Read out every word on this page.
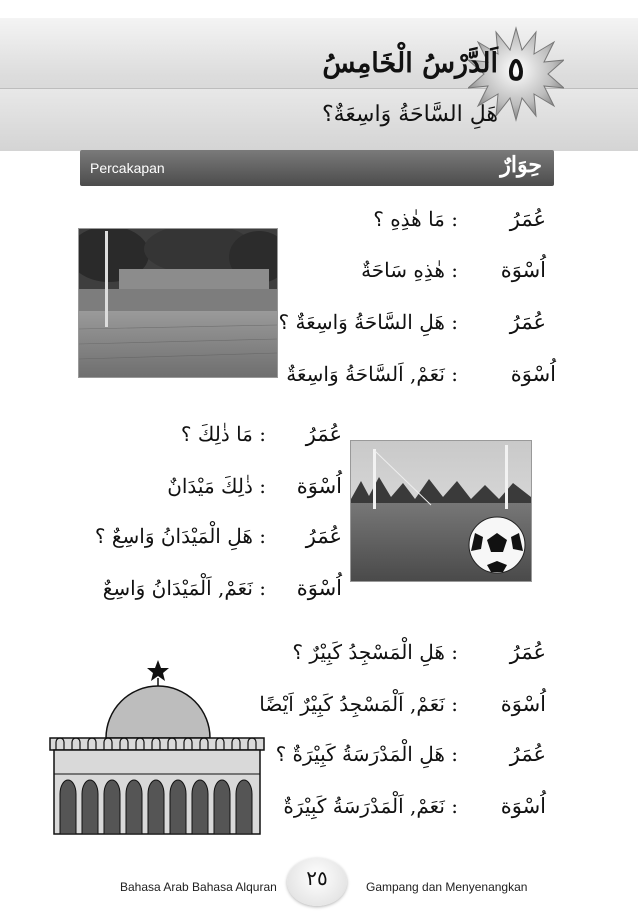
٥
اَلدَّرْسُ الْخَامِسُ
هَلِ السَّاحَةُ وَاسِعَةٌ؟
Percakapan	حِوَارٌ
عُمَرُ
: مَا هٰذِهِ ؟
اُسْوَة
: هٰذِهِ سَاحَةٌ
عُمَرُ
: هَلِ السَّاحَةُ وَاسِعَةٌ ؟
اُسْوَة
: نَعَمْ, اَلسَّاحَةُ وَاسِعَةٌ
عُمَرُ
: مَا ذٰلِكَ ؟
اُسْوَة
: ذٰلِكَ مَيْدَانٌ
عُمَرُ
: هَلِ الْمَيْدَانُ وَاسِعٌ ؟
اُسْوَة
: نَعَمْ, اَلْمَيْدَانُ وَاسِعٌ
عُمَرُ
: هَلِ الْمَسْجِدُ كَبِيْرٌ ؟
اُسْوَة
: نَعَمْ, اَلْمَسْجِدُ كَبِيْرٌ اَيْضًا
عُمَرُ
: هَلِ الْمَدْرَسَةُ كَبِيْرَةٌ ؟
اُسْوَة
: نَعَمْ, اَلْمَدْرَسَةُ كَبِيْرَةٌ
Bahasa Arab Bahasa Alquran	٢٥	Gampang dan Menyenangkan
